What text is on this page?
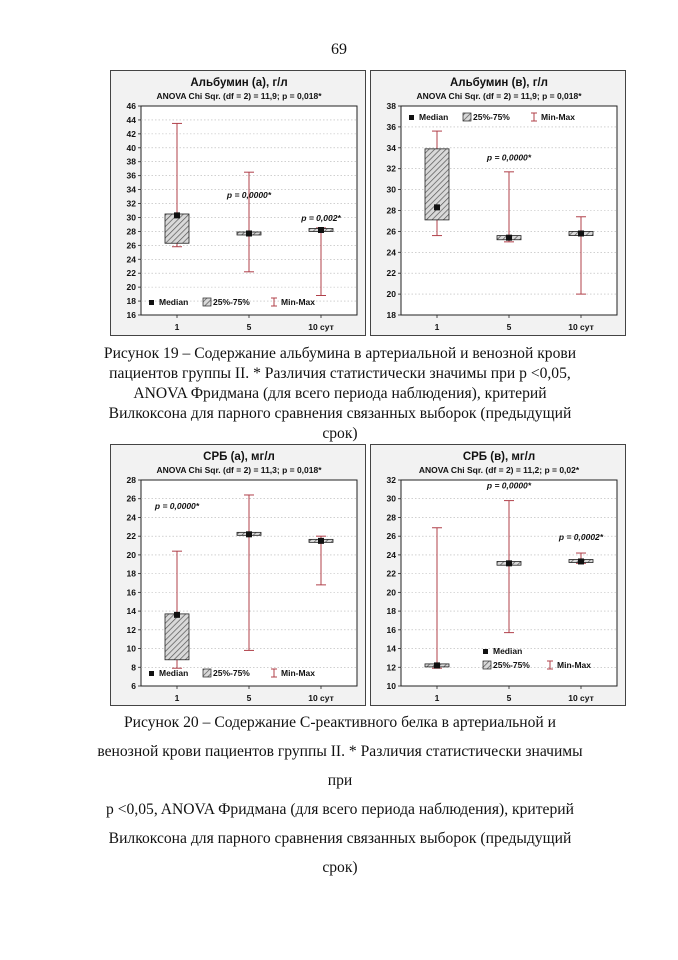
69
Альбумин (а), г/л
ANOVA Chi Sqr. (df = 2) = 11,9; p = 0,018*
16
18
20
22
24
26
28
30
32
34
36
38
40
42
44
46
1	5	10 сут
p = 0,0000*
p = 0,002*
Median	25%-75%	Min-Max
Альбумин (в), г/л
ANOVA Chi Sqr. (df = 2) = 11,9; p = 0,018*
18
20
22
24
26
28
30
32
34
36
38
1	5	10 сут
p = 0,0000*
Median	25%-75%	Min-Max
Рисунок 19 – Содержание альбумина в артериальной и венозной крови пациентов группы II. * Различия статистически значимы при p <0,05, ANOVA Фридмана (для всего периода наблюдения), критерий Вилкоксона для парного сравнения связанных выборок (предыдущий срок)
СРБ (а), мг/л
ANOVA Chi Sqr. (df = 2) = 11,3; p = 0,018*
6
8
10
12
14
16
18
20
22
24
26
28
1	5	10 сут
p = 0,0000*
Median	25%-75%	Min-Max
СРБ (в), мг/л
ANOVA Chi Sqr. (df = 2) = 11,2; p = 0,02*
10
12
14
16
18
20
22
24
26
28
30
32
1	5	10 сут
p = 0,0000*
p = 0,0002*
Median
25%-75%	Min-Max

Рисунок 20 – Содержание С-реактивного белка в артериальной и

венозной крови пациентов группы II. * Различия статистически значимы при

p <0,05, ANOVA Фридмана (для всего периода наблюдения), критерий

Вилкоксона для парного сравнения связанных выборок (предыдущий срок)
